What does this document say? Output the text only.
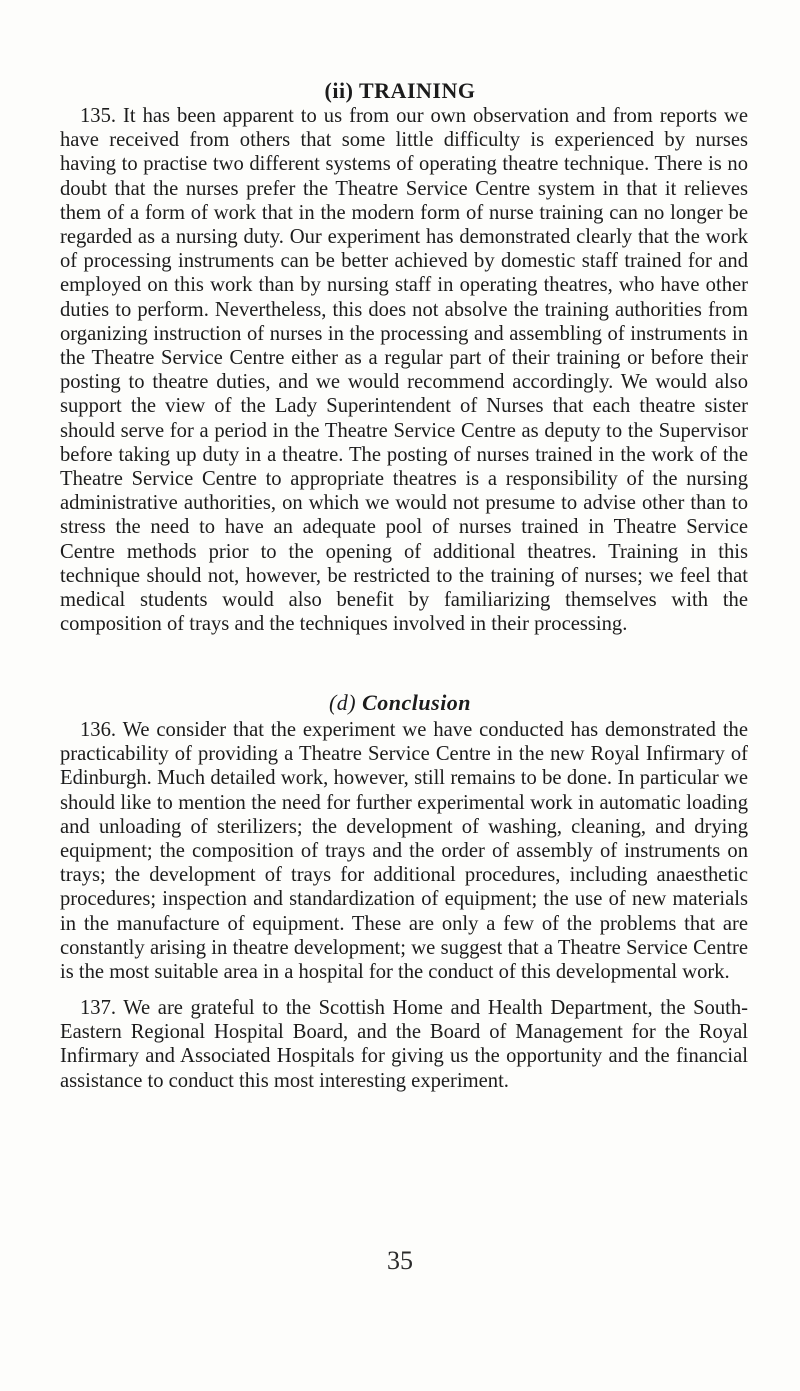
(ii) TRAINING

135. It has been apparent to us from our own observation and from reports we have received from others that some little difficulty is experienced by nurses having to practise two different systems of operating theatre technique. There is no doubt that the nurses prefer the Theatre Service Centre system in that it relieves them of a form of work that in the modern form of nurse training can no longer be regarded as a nursing duty. Our experiment has demonstrated clearly that the work of processing instruments can be better achieved by domestic staff trained for and employed on this work than by nursing staff in operating theatres, who have other duties to perform. Nevertheless, this does not absolve the training authorities from organizing instruction of nurses in the processing and assembling of instruments in the Theatre Service Centre either as a regular part of their training or before their posting to theatre duties, and we would recommend accordingly. We would also support the view of the Lady Superintendent of Nurses that each theatre sister should serve for a period in the Theatre Service Centre as deputy to the Supervisor before taking up duty in a theatre. The posting of nurses trained in the work of the Theatre Service Centre to appropriate theatres is a responsibility of the nursing administrative authorities, on which we would not presume to advise other than to stress the need to have an adequate pool of nurses trained in Theatre Service Centre methods prior to the opening of additional theatres. Training in this technique should not, however, be restricted to the training of nurses; we feel that medical students would also benefit by familiarizing themselves with the composition of trays and the techniques involved in their processing.

(d) Conclusion

136. We consider that the experiment we have conducted has demonstrated the practicability of providing a Theatre Service Centre in the new Royal Infirmary of Edinburgh. Much detailed work, however, still remains to be done. In particular we should like to mention the need for further experimental work in automatic loading and unloading of sterilizers; the development of washing, cleaning, and drying equipment; the composition of trays and the order of assembly of instruments on trays; the development of trays for additional procedures, including anaesthetic procedures; inspection and standardization of equipment; the use of new materials in the manufacture of equipment. These are only a few of the problems that are constantly arising in theatre development; we suggest that a Theatre Service Centre is the most suitable area in a hospital for the conduct of this developmental work.

137. We are grateful to the Scottish Home and Health Department, the South-Eastern Regional Hospital Board, and the Board of Management for the Royal Infirmary and Associated Hospitals for giving us the opportunity and the financial assistance to conduct this most interesting experiment.

35
